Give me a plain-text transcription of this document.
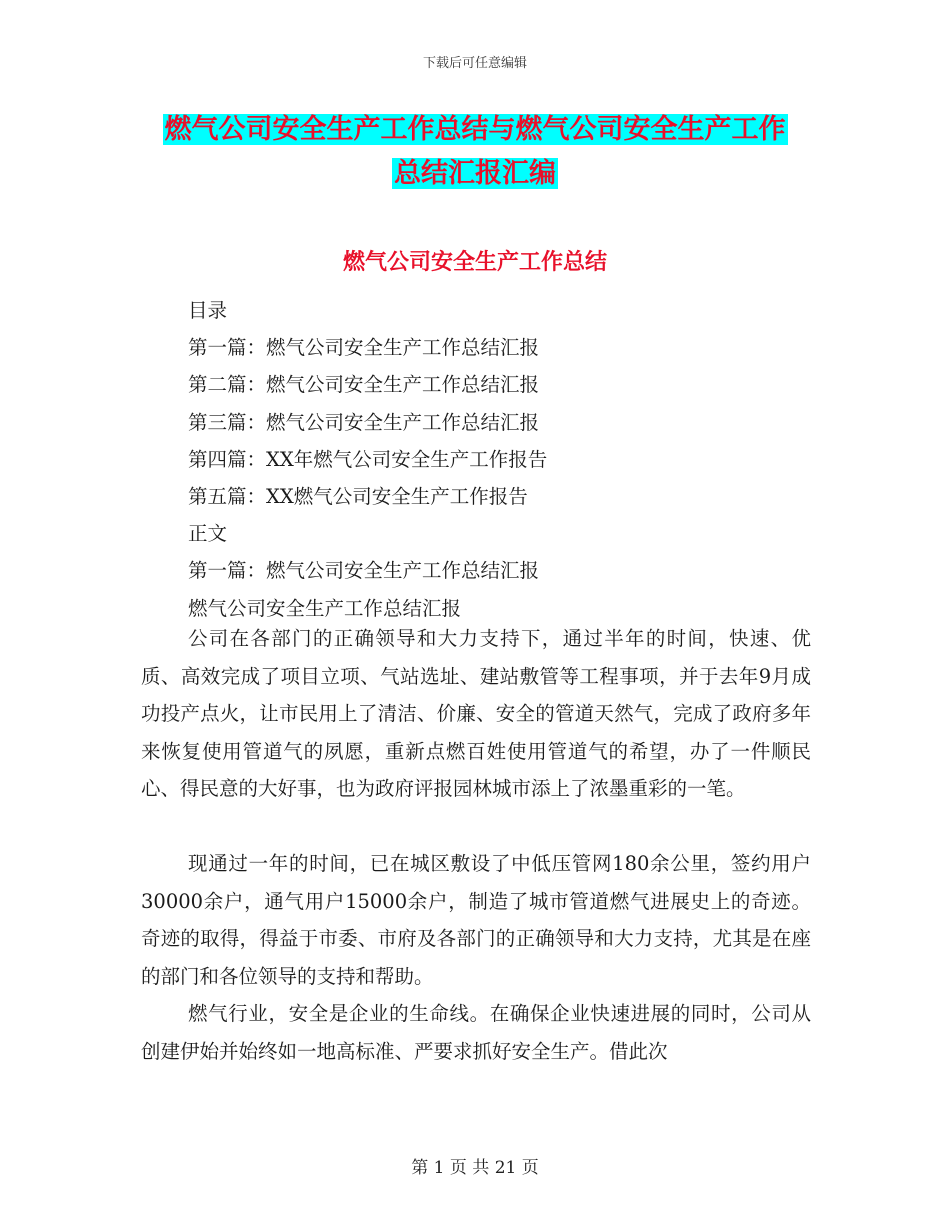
下载后可任意编辑
燃气公司安全生产工作总结与燃气公司安全生产工作
总结汇报汇编
燃气公司安全生产工作总结
目录
第一篇：燃气公司安全生产工作总结汇报
第二篇：燃气公司安全生产工作总结汇报
第三篇：燃气公司安全生产工作总结汇报
第四篇：XX年燃气公司安全生产工作报告
第五篇：XX燃气公司安全生产工作报告
正文
第一篇：燃气公司安全生产工作总结汇报
燃气公司安全生产工作总结汇报

公司在各部门的正确领导和大力支持下，通过半年的时间，快速、优质、高效完成了项目立项、气站选址、建站敷管等工程事项，并于去年9月成功投产点火，让市民用上了清洁、价廉、安全的管道天然气，完成了政府多年来恢复使用管道气的夙愿，重新点燃百姓使用管道气的希望，办了一件顺民心、得民意的大好事，也为政府评报园林城市添上了浓墨重彩的一笔。

现通过一年的时间，已在城区敷设了中低压管网180余公里，签约用户30000余户，通气用户15000余户，制造了城市管道燃气进展史上的奇迹。奇迹的取得，得益于市委、市府及各部门的正确领导和大力支持，尤其是在座的部门和各位领导的支持和帮助。

燃气行业，安全是企业的生命线。在确保企业快速进展的同时，公司从创建伊始并始终如一地高标准、严要求抓好安全生产。借此次

第 1 页 共 21 页
